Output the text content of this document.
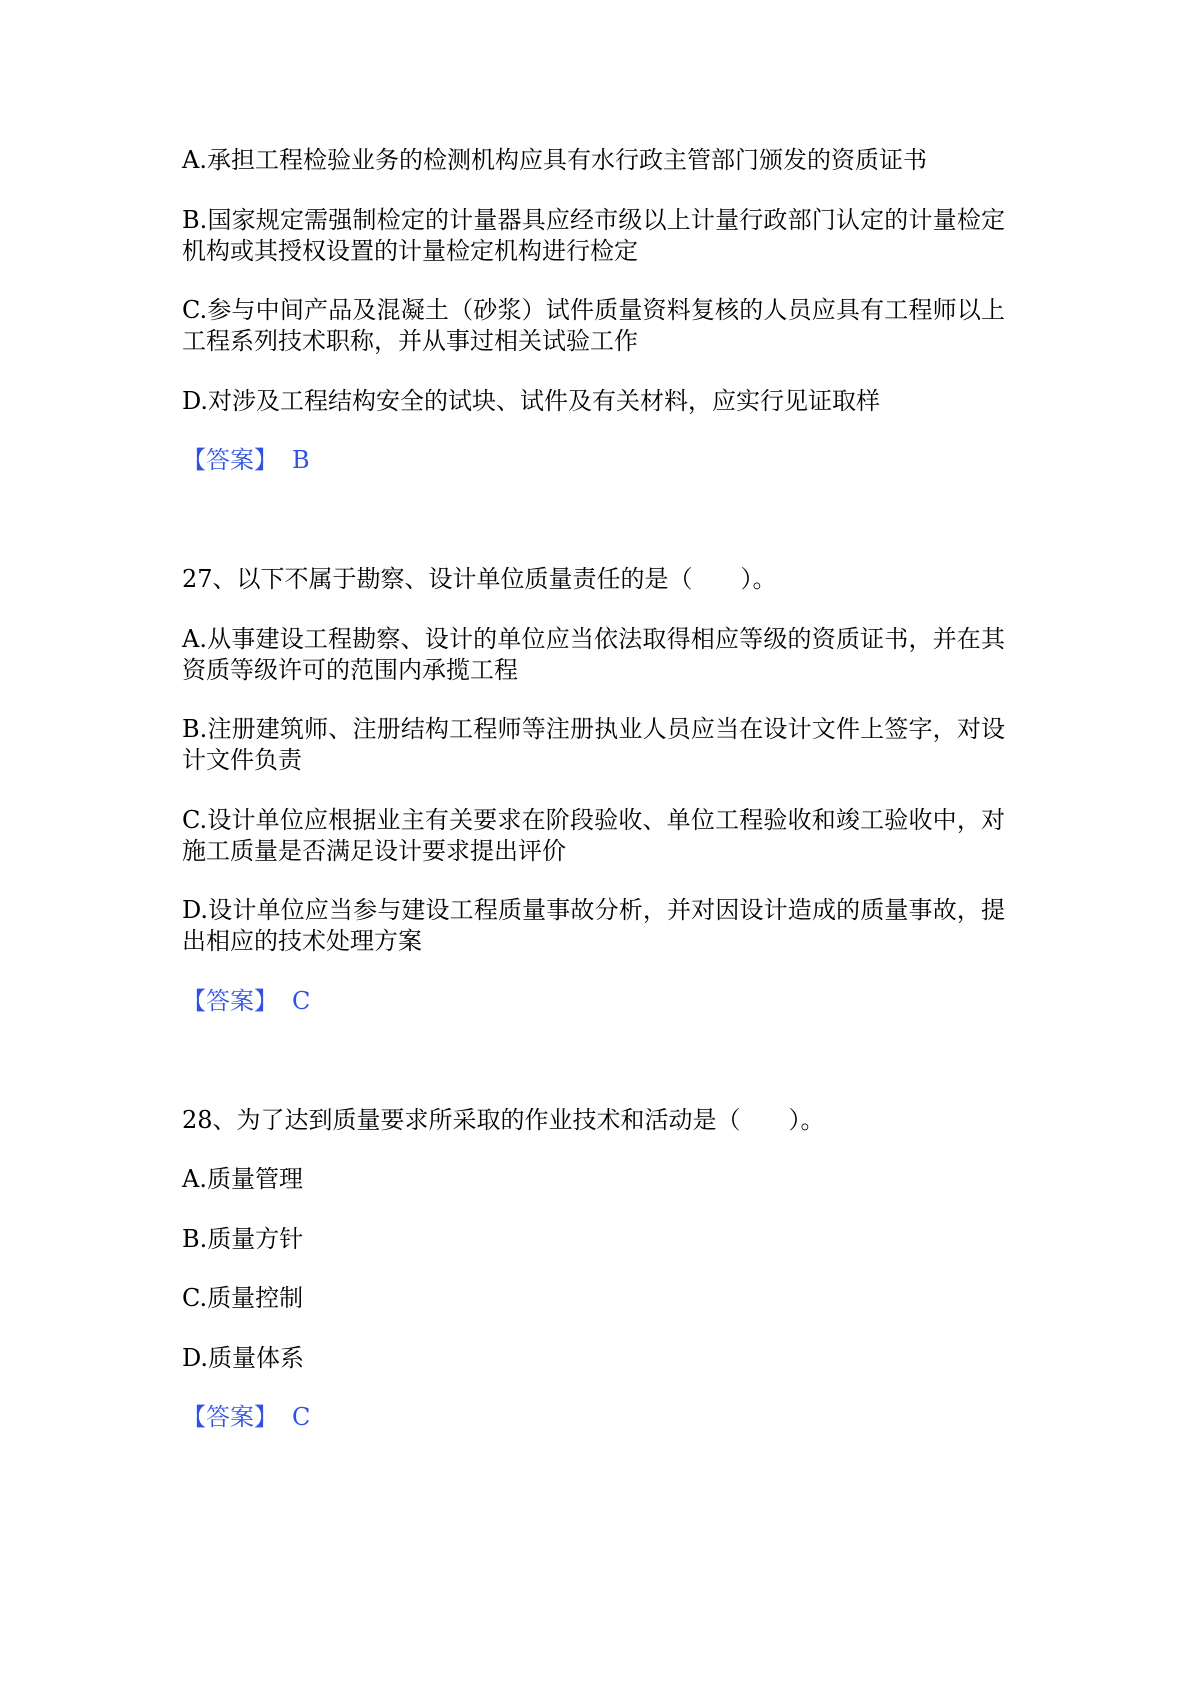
A.承担工程检验业务的检测机构应具有水行政主管部门颁发的资质证书
B.国家规定需强制检定的计量器具应经市级以上计量行政部门认定的计量检定
机构或其授权设置的计量检定机构进行检定
C.参与中间产品及混凝土（砂浆）试件质量资料复核的人员应具有工程师以上
工程系列技术职称，并从事过相关试验工作
D.对涉及工程结构安全的试块、试件及有关材料，应实行见证取样
【答案】 B
27、以下不属于勘察、设计单位质量责任的是（　　）。
A.从事建设工程勘察、设计的单位应当依法取得相应等级的资质证书，并在其
资质等级许可的范围内承揽工程
B.注册建筑师、注册结构工程师等注册执业人员应当在设计文件上签字，对设
计文件负责
C.设计单位应根据业主有关要求在阶段验收、单位工程验收和竣工验收中，对
施工质量是否满足设计要求提出评价
D.设计单位应当参与建设工程质量事故分析，并对因设计造成的质量事故，提
出相应的技术处理方案
【答案】 C
28、为了达到质量要求所采取的作业技术和活动是（　　）。
A.质量管理
B.质量方针
C.质量控制
D.质量体系
【答案】 C
